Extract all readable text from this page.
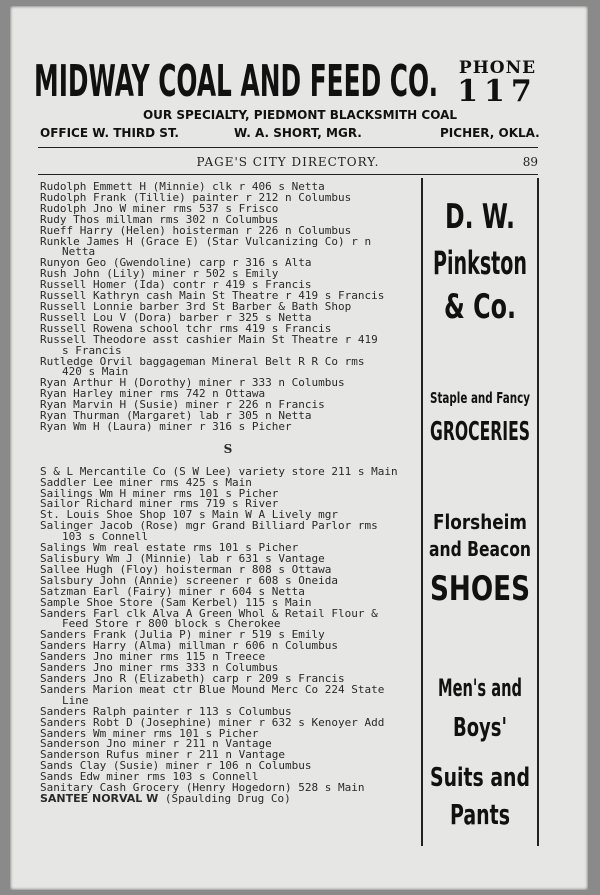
MIDWAY COAL AND FEED CO. PHONE
117
OUR SPECIALTY, PIEDMONT BLACKSMITH COAL
OFFICE W. THIRD ST.	W. A. SHORT, MGR.	PICHER, OKLA.
PAGE'S CITY DIRECTORY.	89
Rudolph Emmett H (Minnie) clk r 406 s Netta
Rudolph Frank (Tillie) painter r 212 n Columbus
Rudolph Jno W miner rms 537 s Frisco
Rudy Thos millman rms 302 n Columbus
Rueff Harry (Helen) hoisterman r 226 n Columbus
Runkle James H (Grace E) (Star Vulcanizing Co) r n
Netta
Runyon Geo (Gwendoline) carp r 316 s Alta
Rush John (Lily) miner r 502 s Emily
Russell Homer (Ida) contr r 419 s Francis
Russell Kathryn cash Main St Theatre r 419 s Francis
Russell Lonnie barber 3rd St Barber & Bath Shop
Russell Lou V (Dora) barber r 325 s Netta
Russell Rowena school tchr rms 419 s Francis
Russell Theodore asst cashier Main St Theatre r 419
s Francis
Rutledge Orvil baggageman Mineral Belt R R Co rms
420 s Main
Ryan Arthur H (Dorothy) miner r 333 n Columbus
Ryan Harley miner rms 742 n Ottawa
Ryan Marvin H (Susie) miner r 226 n Francis
Ryan Thurman (Margaret) lab r 305 n Netta
Ryan Wm H (Laura) miner r 316 s Picher
S
S & L Mercantile Co (S W Lee) variety store 211 s Main
Saddler Lee miner rms 425 s Main
Sailings Wm H miner rms 101 s Picher
Sailor Richard miner rms 719 s River
St. Louis Shoe Shop 107 s Main W A Lively mgr
Salinger Jacob (Rose) mgr Grand Billiard Parlor rms
103 s Connell
Salings Wm real estate rms 101 s Picher
Salisbury Wm J (Minnie) lab r 631 s Vantage
Sallee Hugh (Floy) hoisterman r 808 s Ottawa
Salsbury John (Annie) screener r 608 s Oneida
Satzman Earl (Fairy) miner r 604 s Netta
Sample Shoe Store (Sam Kerbel) 115 s Main
Sanders Farl clk Alva A Green Whol & Retail Flour &
Feed Store r 800 block s Cherokee
Sanders Frank (Julia P) miner r 519 s Emily
Sanders Harry (Alma) millman r 606 n Columbus
Sanders Jno miner rms 115 n Treece
Sanders Jno miner rms 333 n Columbus
Sanders Jno R (Elizabeth) carp r 209 s Francis
Sanders Marion meat ctr Blue Mound Merc Co 224 State
Line
Sanders Ralph painter r 113 s Columbus
Sanders Robt D (Josephine) miner r 632 s Kenoyer Add
Sanders Wm miner rms 101 s Picher
Sanderson Jno miner r 211 n Vantage
Sanderson Rufus miner r 211 n Vantage
Sands Clay (Susie) miner r 106 n Columbus
Sands Edw miner rms 103 s Connell
Sanitary Cash Grocery (Henry Hogedorn) 528 s Main
SANTEE NORVAL W (Spaulding Drug Co)
D. W.
Pinkston
& Co.
Staple and Fancy
GROCERIES
Florsheim
and Beacon
SHOES
Men's and
Boys'
Suits and
Pants
